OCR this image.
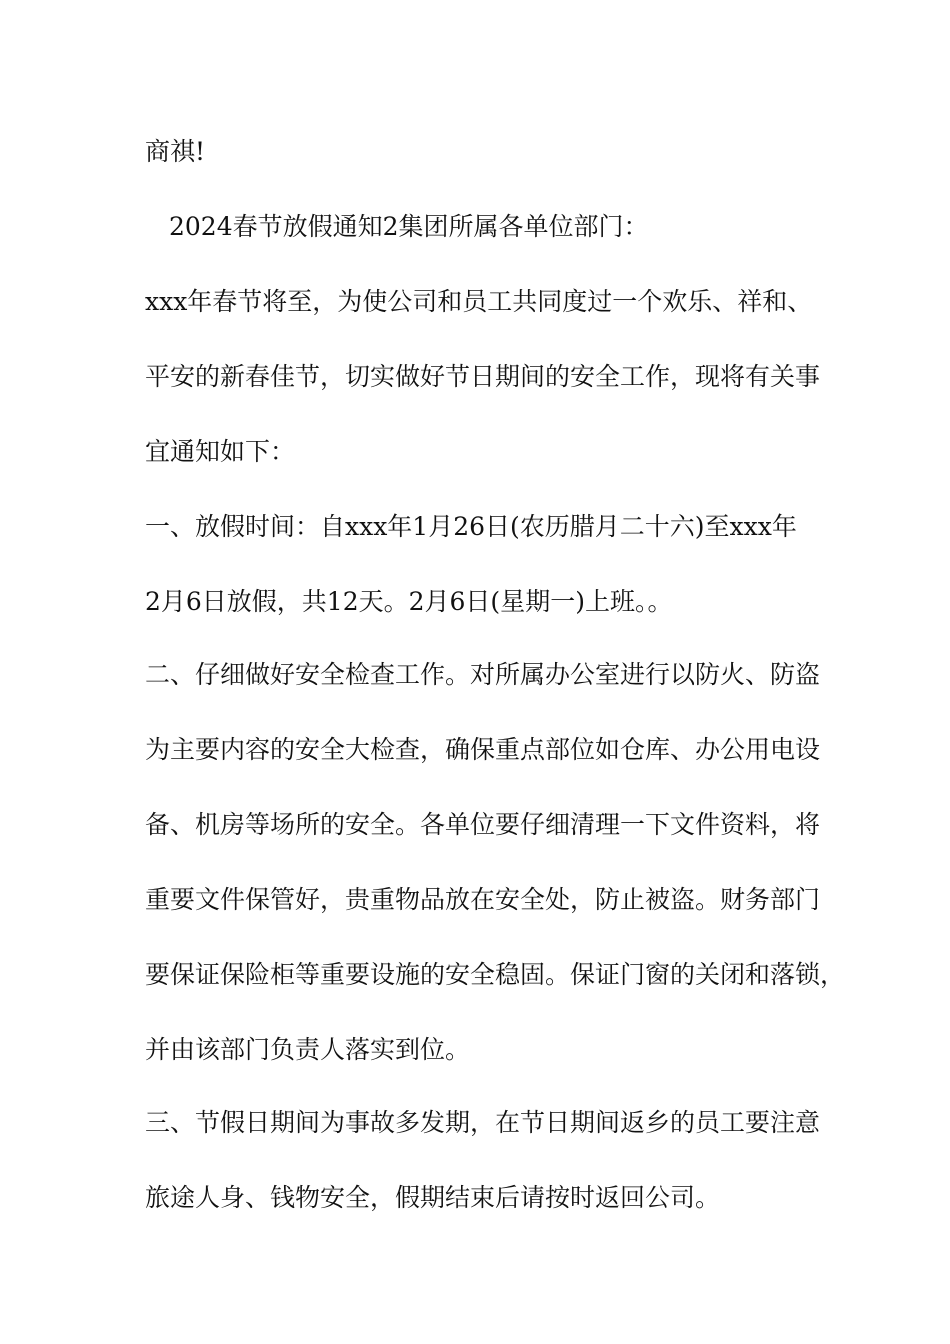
商祺!

2024春节放假通知2集团所属各单位部门：

xxx年春节将至，为使公司和员工共同度过一个欢乐、祥和、

平安的新春佳节，切实做好节日期间的安全工作，现将有关事

宜通知如下：

一、放假时间：自xxx年1月26日(农历腊月二十六)至xxx年

2月6日放假，共12天。2月6日(星期一)上班。。

二、仔细做好安全检查工作。对所属办公室进行以防火、防盗

为主要内容的安全大检查，确保重点部位如仓库、办公用电设

备、机房等场所的安全。各单位要仔细清理一下文件资料，将

重要文件保管好，贵重物品放在安全处，防止被盗。财务部门

要保证保险柜等重要设施的安全稳固。保证门窗的关闭和落锁，

并由该部门负责人落实到位。

三、节假日期间为事故多发期，在节日期间返乡的员工要注意

旅途人身、钱物安全，假期结束后请按时返回公司。
